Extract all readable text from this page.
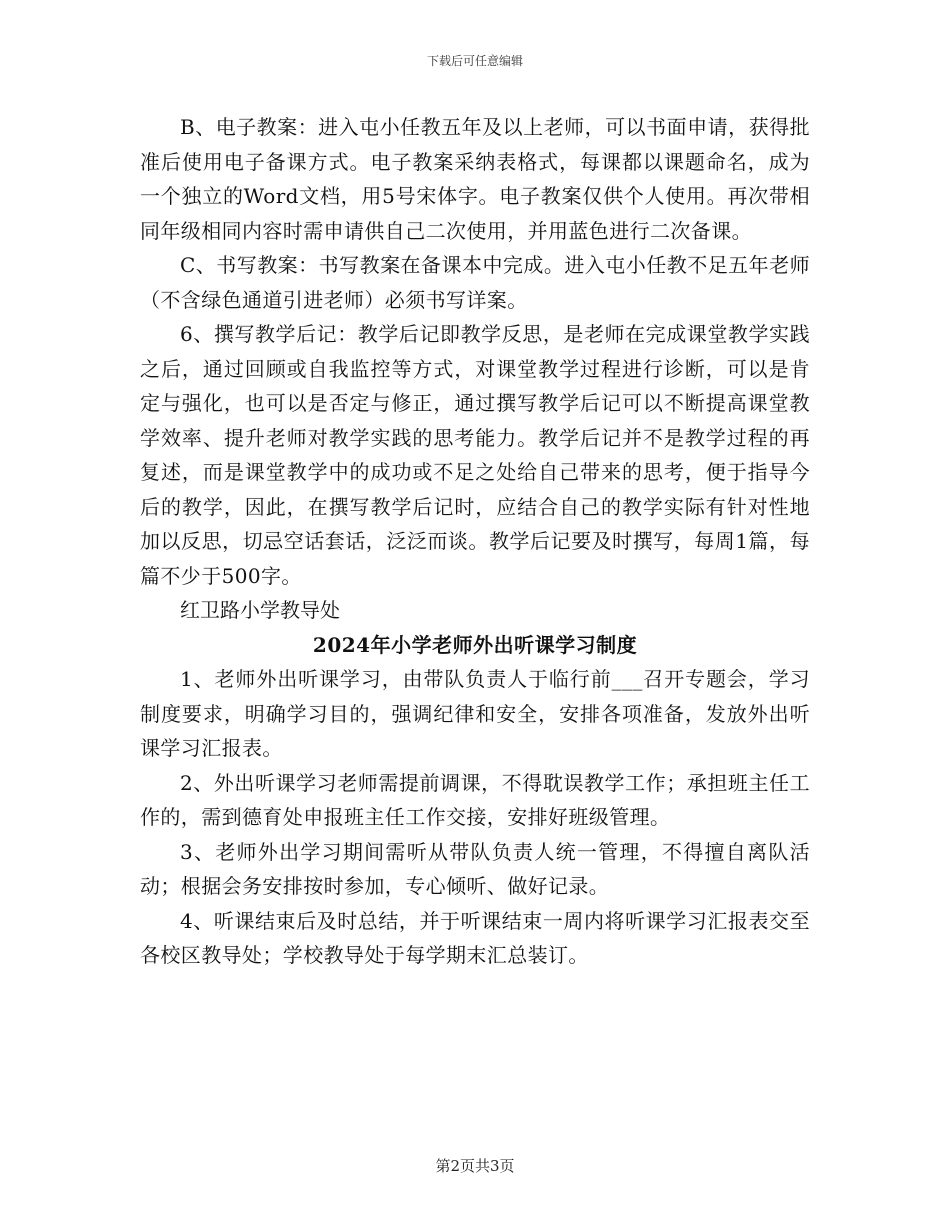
下载后可任意编辑

B、电子教案：进入屯小任教五年及以上老师，可以书面申请，获得批准后使用电子备课方式。电子教案采纳表格式，每课都以课题命名，成为一个独立的Word文档，用5号宋体字。电子教案仅供个人使用。再次带相同年级相同内容时需申请供自己二次使用，并用蓝色进行二次备课。

C、书写教案：书写教案在备课本中完成。进入屯小任教不足五年老师（不含绿色通道引进老师）必须书写详案。

6、撰写教学后记：教学后记即教学反思，是老师在完成课堂教学实践之后，通过回顾或自我监控等方式，对课堂教学过程进行诊断，可以是肯定与强化，也可以是否定与修正，通过撰写教学后记可以不断提高课堂教学效率、提升老师对教学实践的思考能力。教学后记并不是教学过程的再复述，而是课堂教学中的成功或不足之处给自己带来的思考，便于指导今后的教学，因此，在撰写教学后记时，应结合自己的教学实际有针对性地加以反思，切忌空话套话，泛泛而谈。教学后记要及时撰写，每周1篇，每篇不少于500字。

红卫路小学教导处

2024年小学老师外出听课学习制度

1、老师外出听课学习，由带队负责人于临行前___召开专题会，学习制度要求，明确学习目的，强调纪律和安全，安排各项准备，发放外出听课学习汇报表。

2、外出听课学习老师需提前调课，不得耽误教学工作；承担班主任工作的，需到德育处申报班主任工作交接，安排好班级管理。

3、老师外出学习期间需听从带队负责人统一管理，不得擅自离队活动；根据会务安排按时参加，专心倾听、做好记录。

4、听课结束后及时总结，并于听课结束一周内将听课学习汇报表交至各校区教导处；学校教导处于每学期末汇总装订。

第2页共3页
